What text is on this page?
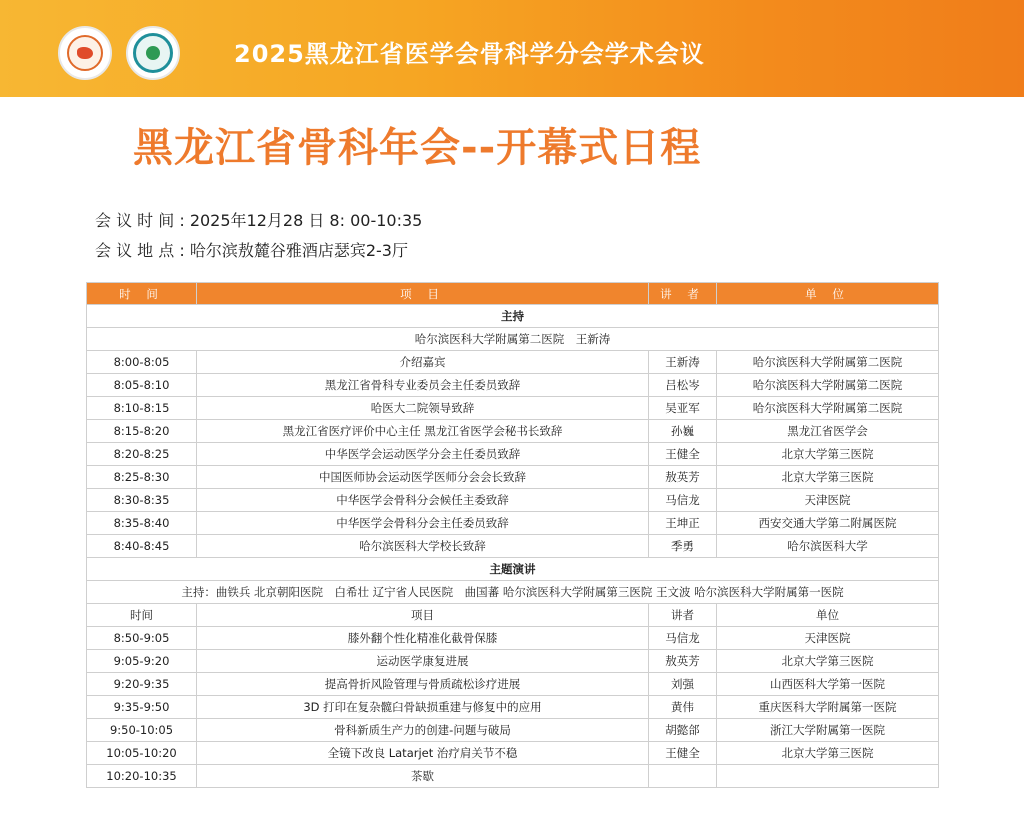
2025黑龙江省医学会骨科学分会学术会议
黑龙江省骨科年会--开幕式日程
会 议 时 间 : 2025年12月28 日 8: 00-10:35
会 议 地 点 : 哈尔滨敖麓谷雅酒店瑟宾2-3厅
时 间	项 目	讲 者	单 位
主持			
哈尔滨医科大学附属第二医院　王新涛			
8:00-8:05	介绍嘉宾	王新涛	哈尔滨医科大学附属第二医院
8:05-8:10	黑龙江省骨科专业委员会主任委员致辞	吕松岑	哈尔滨医科大学附属第二医院
8:10-8:15	哈医大二院领导致辞	吴亚军	哈尔滨医科大学附属第二医院
8:15-8:20	黑龙江省医疗评价中心主任 黑龙江省医学会秘书长致辞	孙巍	黑龙江省医学会
8:20-8:25	中华医学会运动医学分会主任委员致辞	王健全	北京大学第三医院
8:25-8:30	中国医师协会运动医学医师分会会长致辞	敖英芳	北京大学第三医院
8:30-8:35	中华医学会骨科分会候任主委致辞	马信龙	天津医院
8:35-8:40	中华医学会骨科分会主任委员致辞	王坤正	西安交通大学第二附属医院
8:40-8:45	哈尔滨医科大学校长致辞	季勇	哈尔滨医科大学
主题演讲			
主持：曲铁兵 北京朝阳医院　白希壮 辽宁省人民医院　曲国蕃 哈尔滨医科大学附属第三医院 王文波 哈尔滨医科大学附属第一医院			
时间	项目	讲者	单位
8:50-9:05	膝外翻个性化精准化截骨保膝	马信龙	天津医院
9:05-9:20	运动医学康复进展	敖英芳	北京大学第三医院
9:20-9:35	提高骨折风险管理与骨质疏松诊疗进展	刘强	山西医科大学第一医院
9:35-9:50	3D 打印在复杂髋臼骨缺损重建与修复中的应用	黄伟	重庆医科大学附属第一医院
9:50-10:05	骨科新质生产力的创建-问题与破局	胡懿郃	浙江大学附属第一医院
10:05-10:20	全镜下改良 Latarjet 治疗肩关节不稳	王健全	北京大学第三医院
10:20-10:35	茶歇		
